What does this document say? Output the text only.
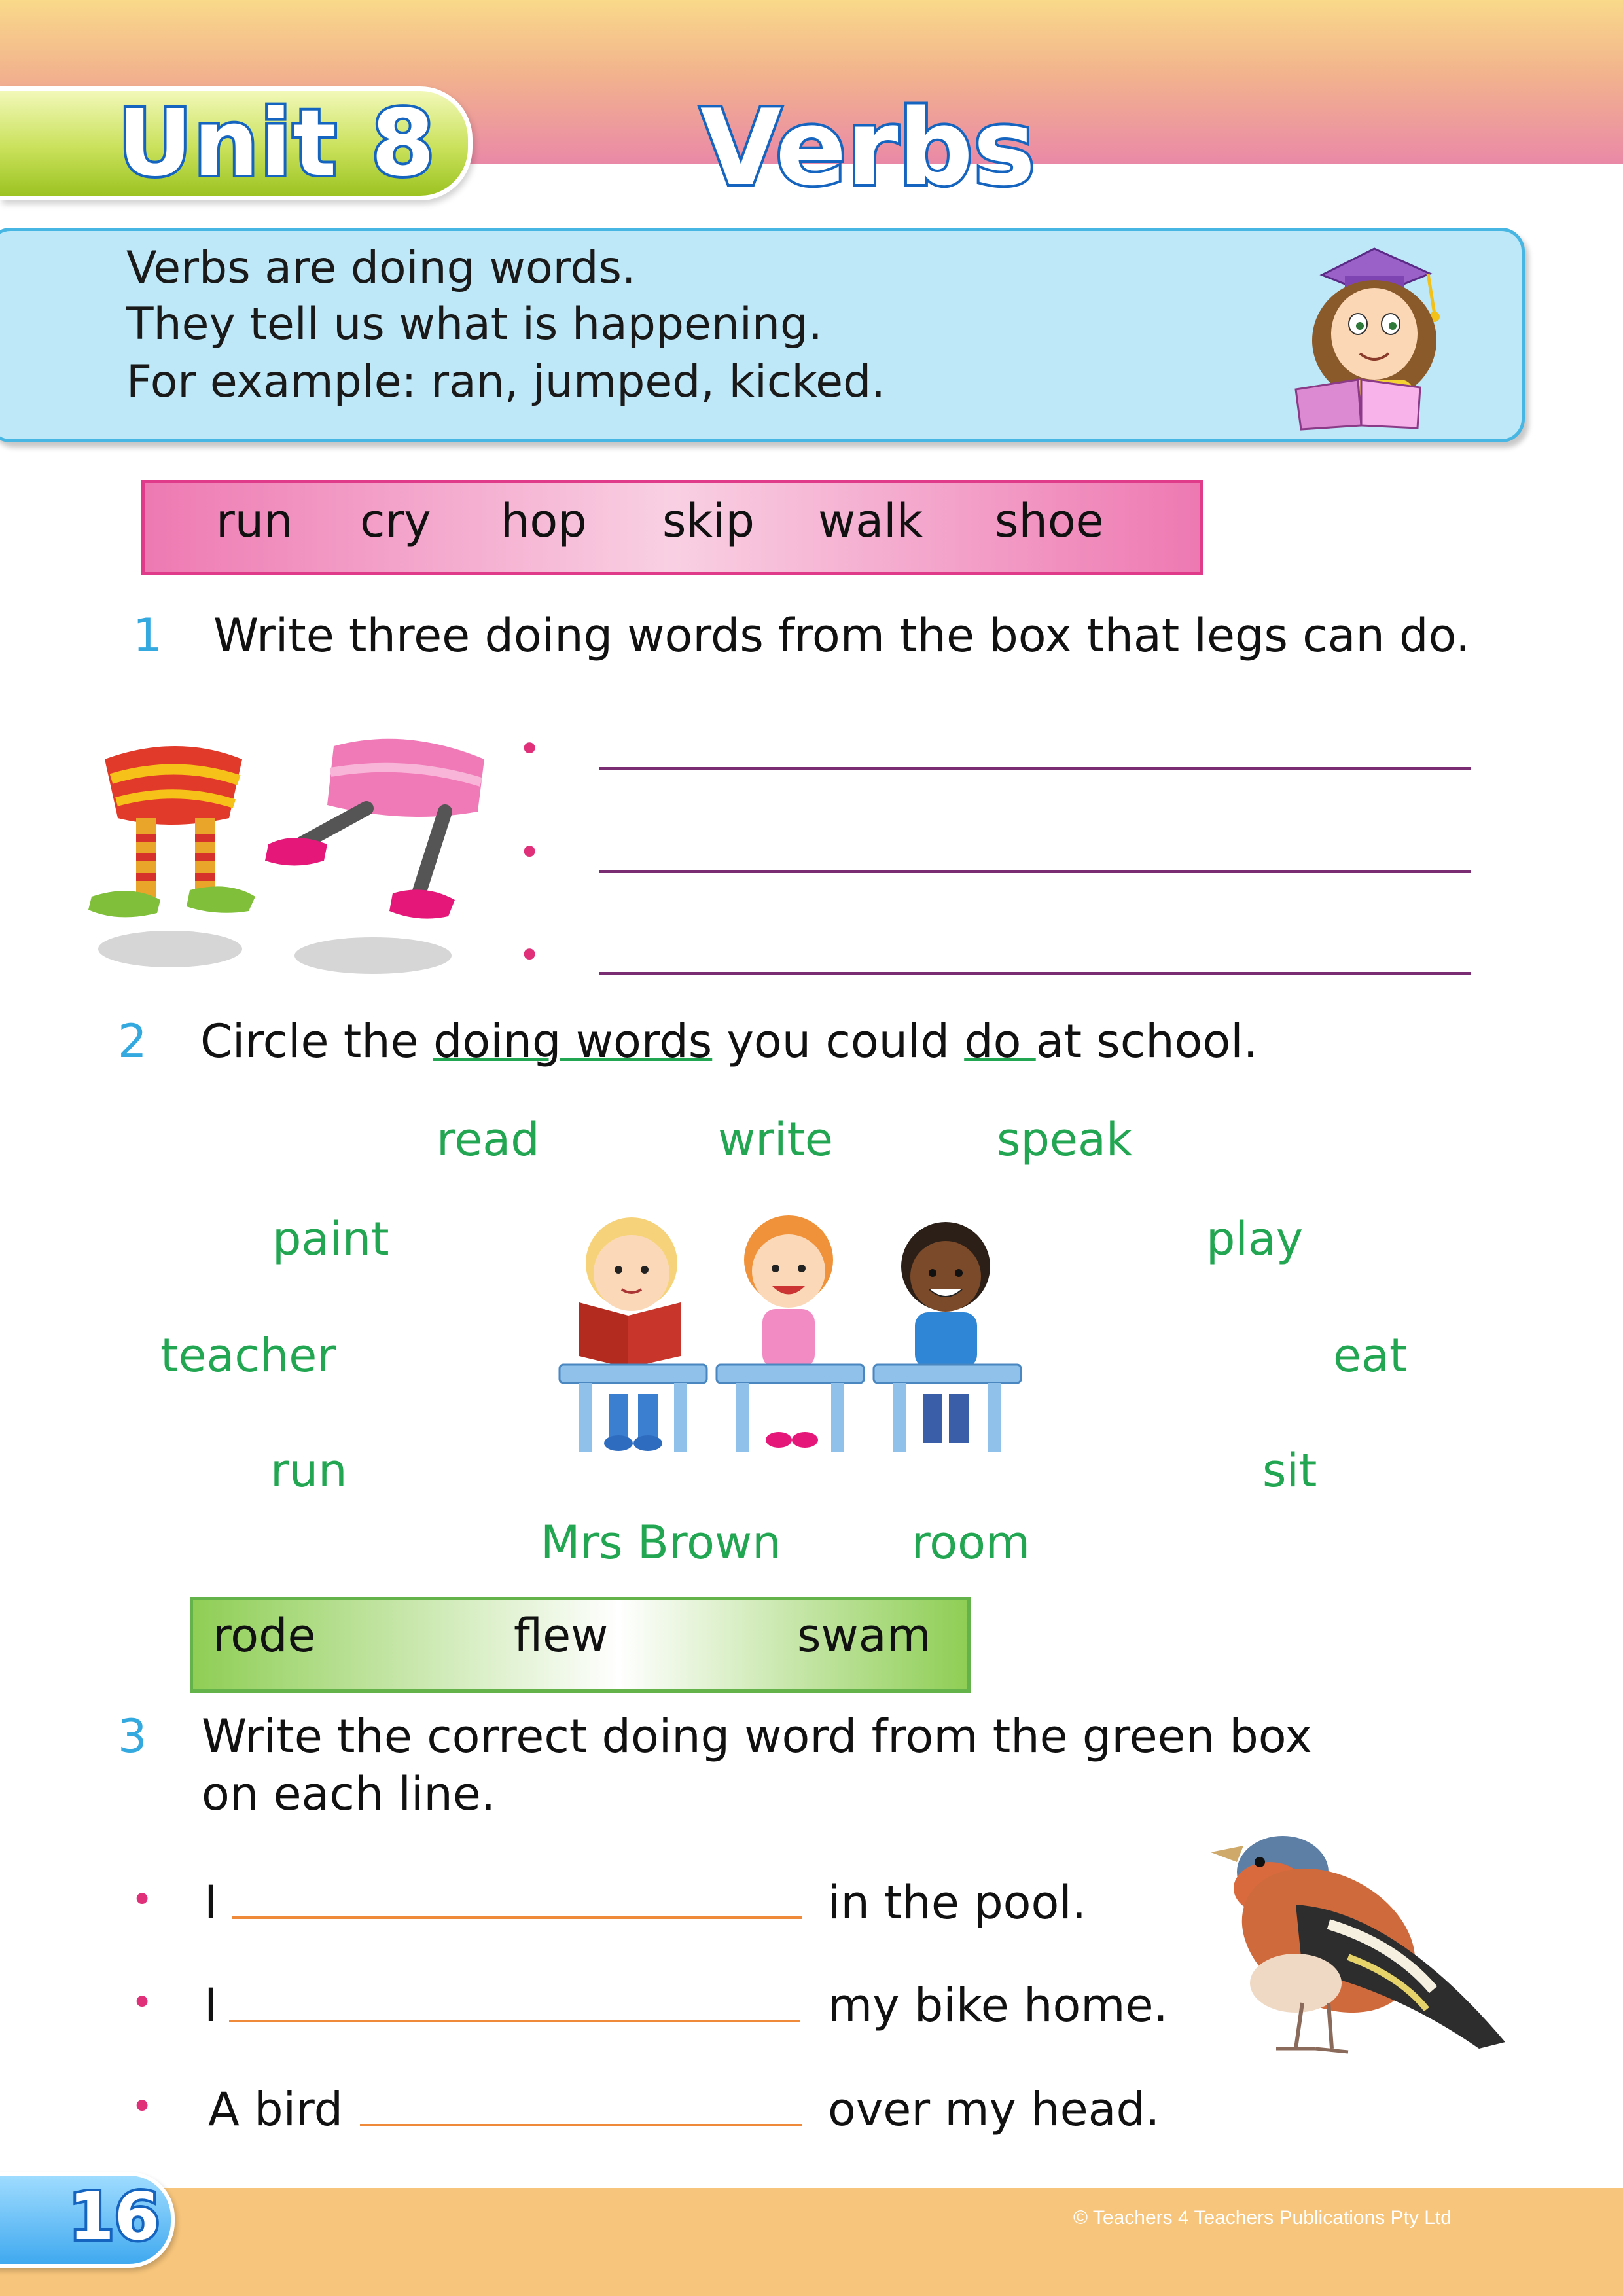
Unit 8	Verbs
Verbs are doing words.
They tell us what is happening.
For example: ran, jumped, kicked.
run cry hop skip walk shoe
1 Write three doing words from the box that legs can do.
•
•
•
2 Circle the doing words you could do at school.
read	write	speak
paint	play
teacher	eat
run	sit
Mrs Brown	room
rode	flew	swam
3 Write the correct doing word from the green box
on each line.
• I	in the pool.
• I	my bike home.
• A bird	over my head.
16	© Teachers 4 Teachers Publications Pty Ltd
